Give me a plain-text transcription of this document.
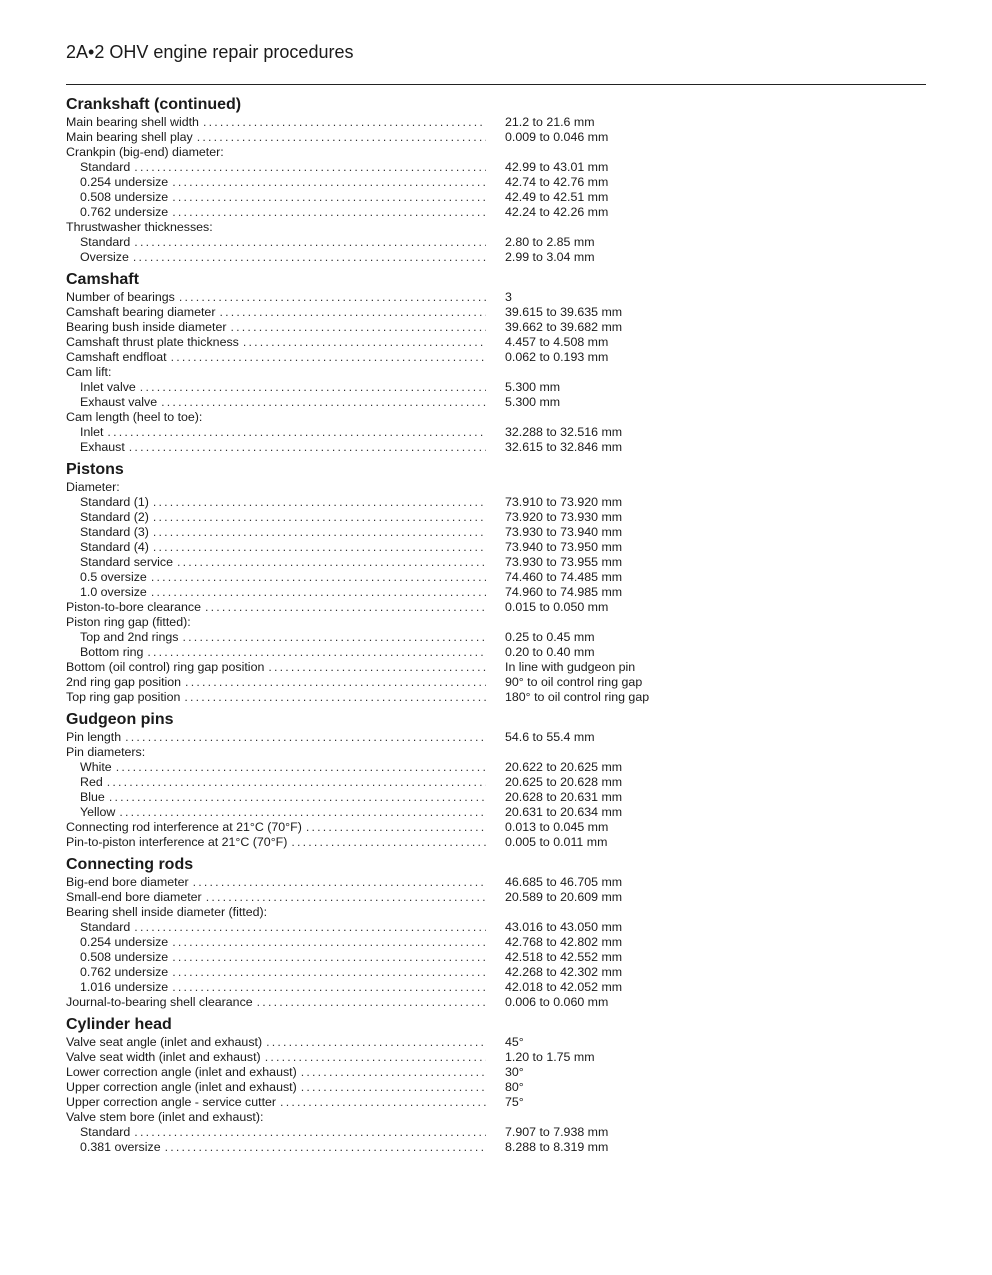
2A•2 OHV engine repair procedures
Crankshaft (continued)
Main bearing shell width .....	21.2 to 21.6 mm
Main bearing shell play .....	0.009 to 0.046 mm
Crankpin (big-end) diameter:
Standard .....	42.99 to 43.01 mm
0.254 undersize .....	42.74 to 42.76 mm
0.508 undersize .....	42.49 to 42.51 mm
0.762 undersize .....	42.24 to 42.26 mm
Thrustwasher thicknesses:
Standard .....	2.80 to 2.85 mm
Oversize .....	2.99 to 3.04 mm
Camshaft
Number of bearings .....	3
Camshaft bearing diameter .....	39.615 to 39.635 mm
Bearing bush inside diameter .....	39.662 to 39.682 mm
Camshaft thrust plate thickness .....	4.457 to 4.508 mm
Camshaft endfloat .....	0.062 to 0.193 mm
Cam lift:
Inlet valve .....	5.300 mm
Exhaust valve .....	5.300 mm
Cam length (heel to toe):
Inlet .....	32.288 to 32.516 mm
Exhaust .....	32.615 to 32.846 mm
Pistons
Diameter:
Standard (1) .....	73.910 to 73.920 mm
Standard (2) .....	73.920 to 73.930 mm
Standard (3) .....	73.930 to 73.940 mm
Standard (4) .....	73.940 to 73.950 mm
Standard service .....	73.930 to 73.955 mm
0.5 oversize .....	74.460 to 74.485 mm
1.0 oversize .....	74.960 to 74.985 mm
Piston-to-bore clearance .....	0.015 to 0.050 mm
Piston ring gap (fitted):
Top and 2nd rings .....	0.25 to 0.45 mm
Bottom ring .....	0.20 to 0.40 mm
Bottom (oil control) ring gap position .....	In line with gudgeon pin
2nd ring gap position .....	90° to oil control ring gap
Top ring gap position .....	180° to oil control ring gap
Gudgeon pins
Pin length .....	54.6 to 55.4 mm
Pin diameters:
White .....	20.622 to 20.625 mm
Red .....	20.625 to 20.628 mm
Blue .....	20.628 to 20.631 mm
Yellow .....	20.631 to 20.634 mm
Connecting rod interference at 21°C (70°F) .....	0.013 to 0.045 mm
Pin-to-piston interference at 21°C (70°F) .....	0.005 to 0.011 mm
Connecting rods
Big-end bore diameter .....	46.685 to 46.705 mm
Small-end bore diameter .....	20.589 to 20.609 mm
Bearing shell inside diameter (fitted):
Standard .....	43.016 to 43.050 mm
0.254 undersize .....	42.768 to 42.802 mm
0.508 undersize .....	42.518 to 42.552 mm
0.762 undersize .....	42.268 to 42.302 mm
1.016 undersize .....	42.018 to 42.052 mm
Journal-to-bearing shell clearance .....	0.006 to 0.060 mm
Cylinder head
Valve seat angle (inlet and exhaust) .....	45°
Valve seat width (inlet and exhaust) .....	1.20 to 1.75 mm
Lower correction angle (inlet and exhaust) .....	30°
Upper correction angle (inlet and exhaust) .....	80°
Upper correction angle - service cutter .....	75°
Valve stem bore (inlet and exhaust):
Standard .....	7.907 to 7.938 mm
0.381 oversize .....	8.288 to 8.319 mm
